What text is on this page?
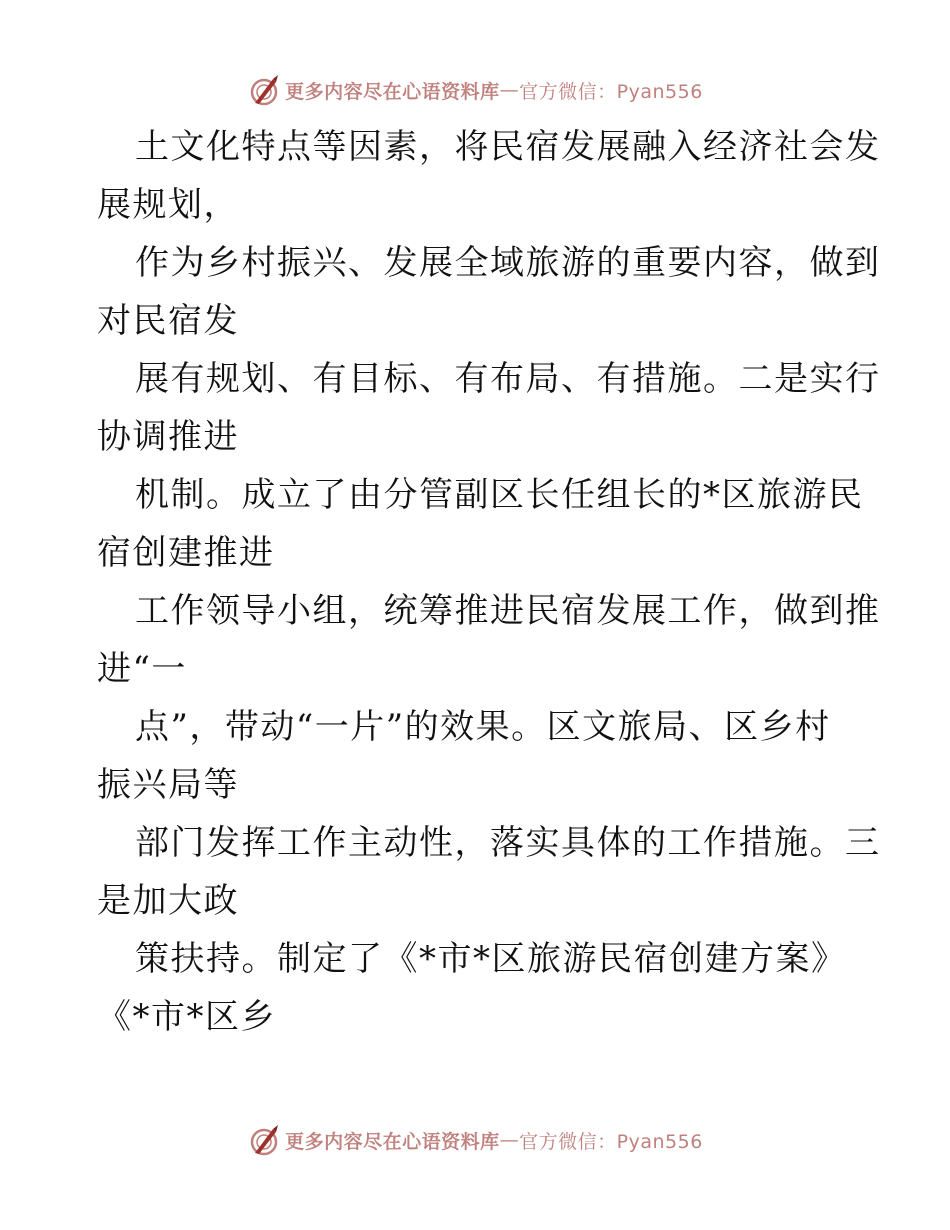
更多内容尽在心语资料库 — 官方微信：Pyan556
土文化特点等因素，将民宿发展融入经济社会发
展规划，
作为乡村振兴、发展全域旅游的重要内容，做到
对民宿发
展有规划、有目标、有布局、有措施。二是实行
协调推进
机制。成立了由分管副区长任组长的*区旅游民
宿创建推进
工作领导小组，统筹推进民宿发展工作，做到推
进“一
点”，带动“一片”的效果。区文旅局、区乡村
振兴局等
部门发挥工作主动性，落实具体的工作措施。三
是加大政
策扶持。制定了《*市*区旅游民宿创建方案》
《*市*区乡
更多内容尽在心语资料库 — 官方微信：Pyan556
